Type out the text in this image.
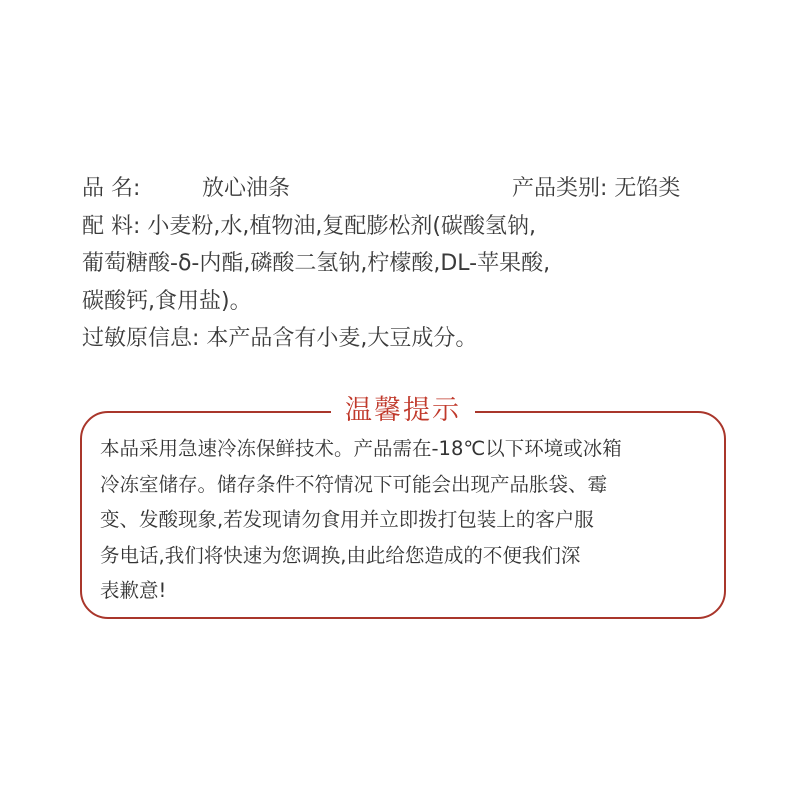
品 名:	放心油条	产品类别: 无馅类
配 料: 小麦粉,水,植物油,复配膨松剂(碳酸氢钠,
葡萄糖酸-δ-内酯,磷酸二氢钠,柠檬酸,DL-苹果酸,
碳酸钙,食用盐)。
过敏原信息: 本产品含有小麦,大豆成分。
温馨提示
本品采用急速冷冻保鲜技术。产品需在-18℃以下环境或冰箱
冷冻室储存。储存条件不符情况下可能会出现产品胀袋、霉
变、发酸现象,若发现请勿食用并立即拨打包装上的客户服
务电话,我们将快速为您调换,由此给您造成的不便我们深
表歉意!
